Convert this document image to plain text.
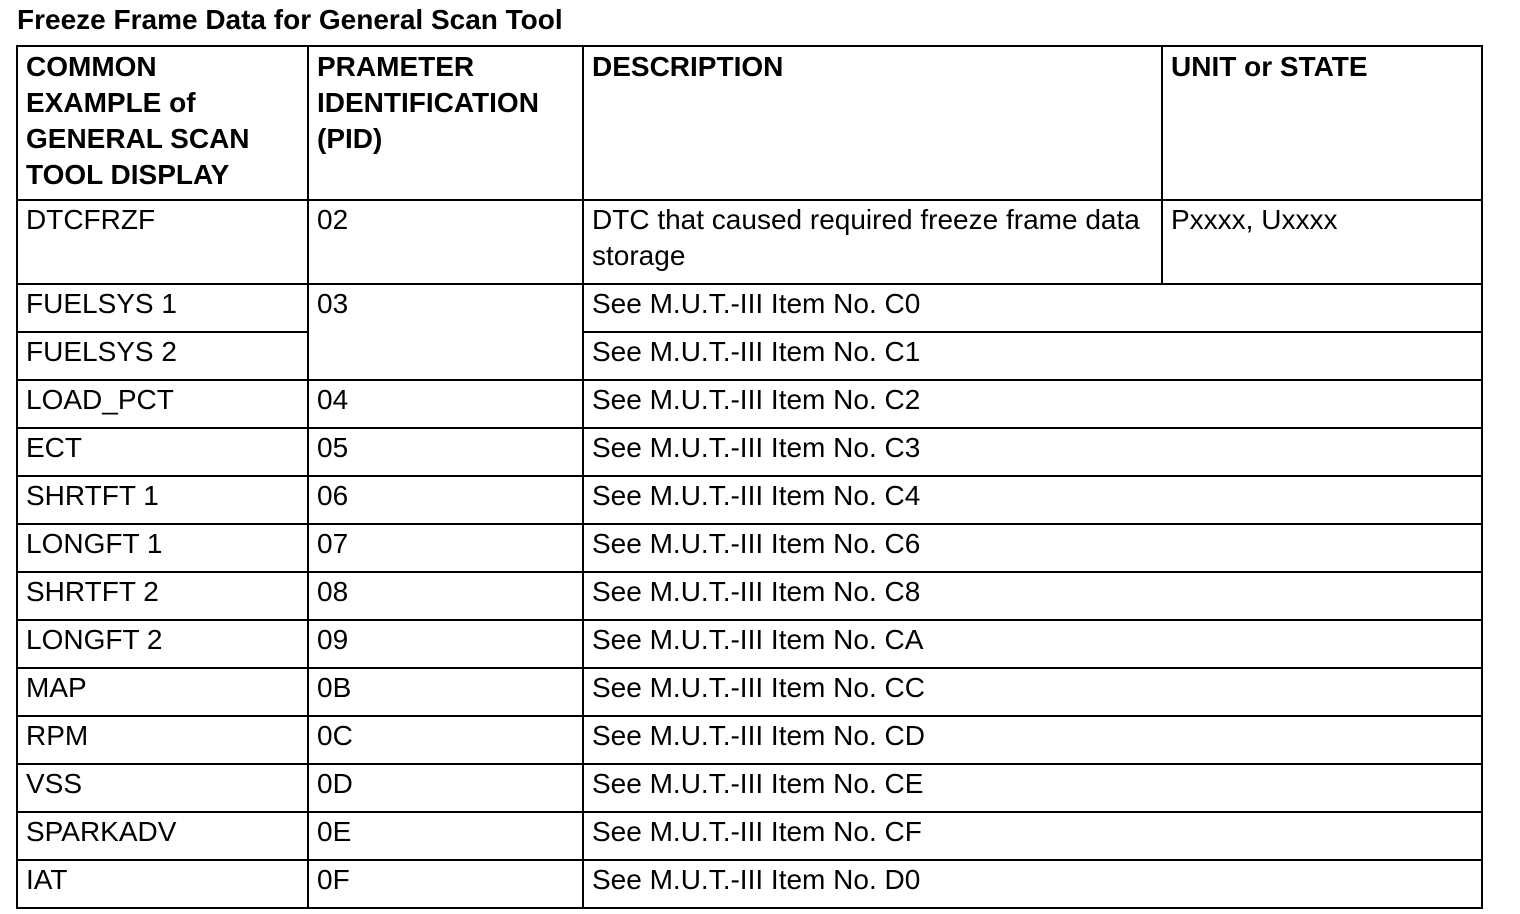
Freeze Frame Data for General Scan Tool
COMMON EXAMPLE of GENERAL SCAN TOOL DISPLAY	PRAMETER IDENTIFICATION (PID)	DESCRIPTION	UNIT or STATE
DTCFRZF	02	DTC that caused required freeze frame data storage	Pxxxx, Uxxxx
FUELSYS 1	03	See M.U.T.-III Item No. C0	
FUELSYS 2		See M.U.T.-III Item No. C1	
LOAD_PCT	04	See M.U.T.-III Item No. C2	
ECT	05	See M.U.T.-III Item No. C3	
SHRTFT 1	06	See M.U.T.-III Item No. C4	
LONGFT 1	07	See M.U.T.-III Item No. C6	
SHRTFT 2	08	See M.U.T.-III Item No. C8	
LONGFT 2	09	See M.U.T.-III Item No. CA	
MAP	0B	See M.U.T.-III Item No. CC	
RPM	0C	See M.U.T.-III Item No. CD	
VSS	0D	See M.U.T.-III Item No. CE	
SPARKADV	0E	See M.U.T.-III Item No. CF	
IAT	0F	See M.U.T.-III Item No. D0	
